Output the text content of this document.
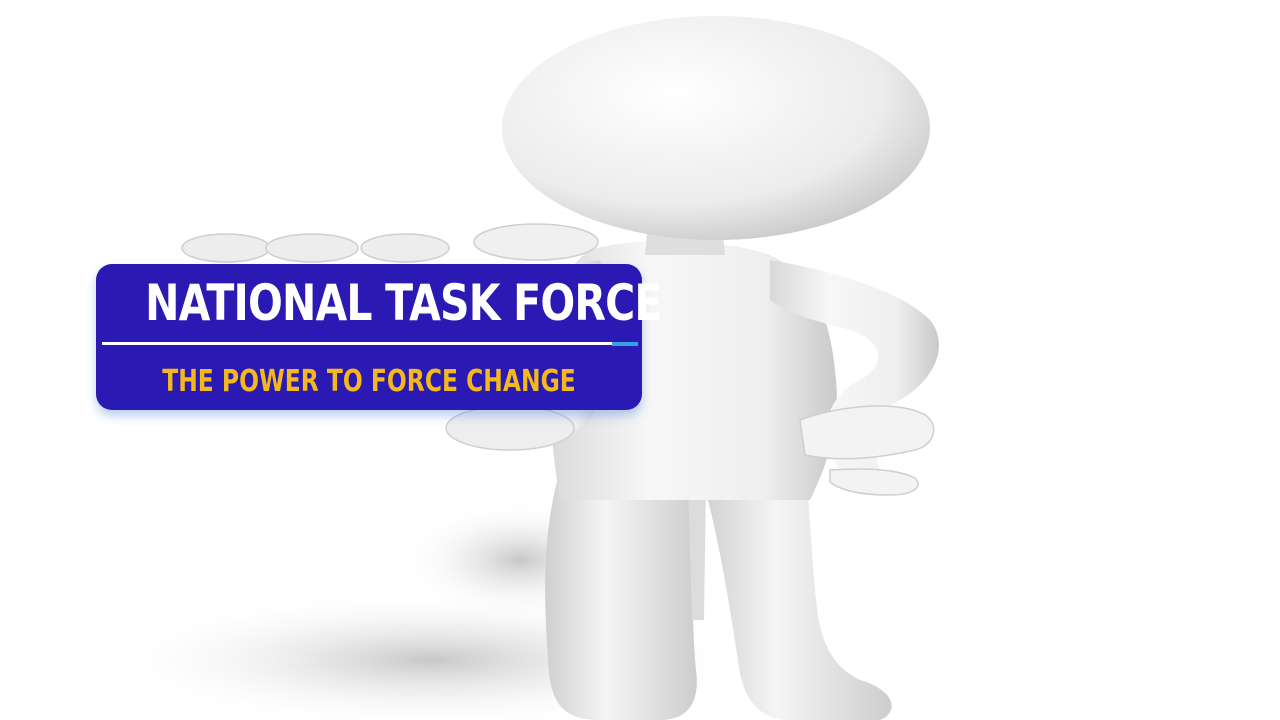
NATIONAL TASK FORCE
THE POWER TO FORCE CHANGE
